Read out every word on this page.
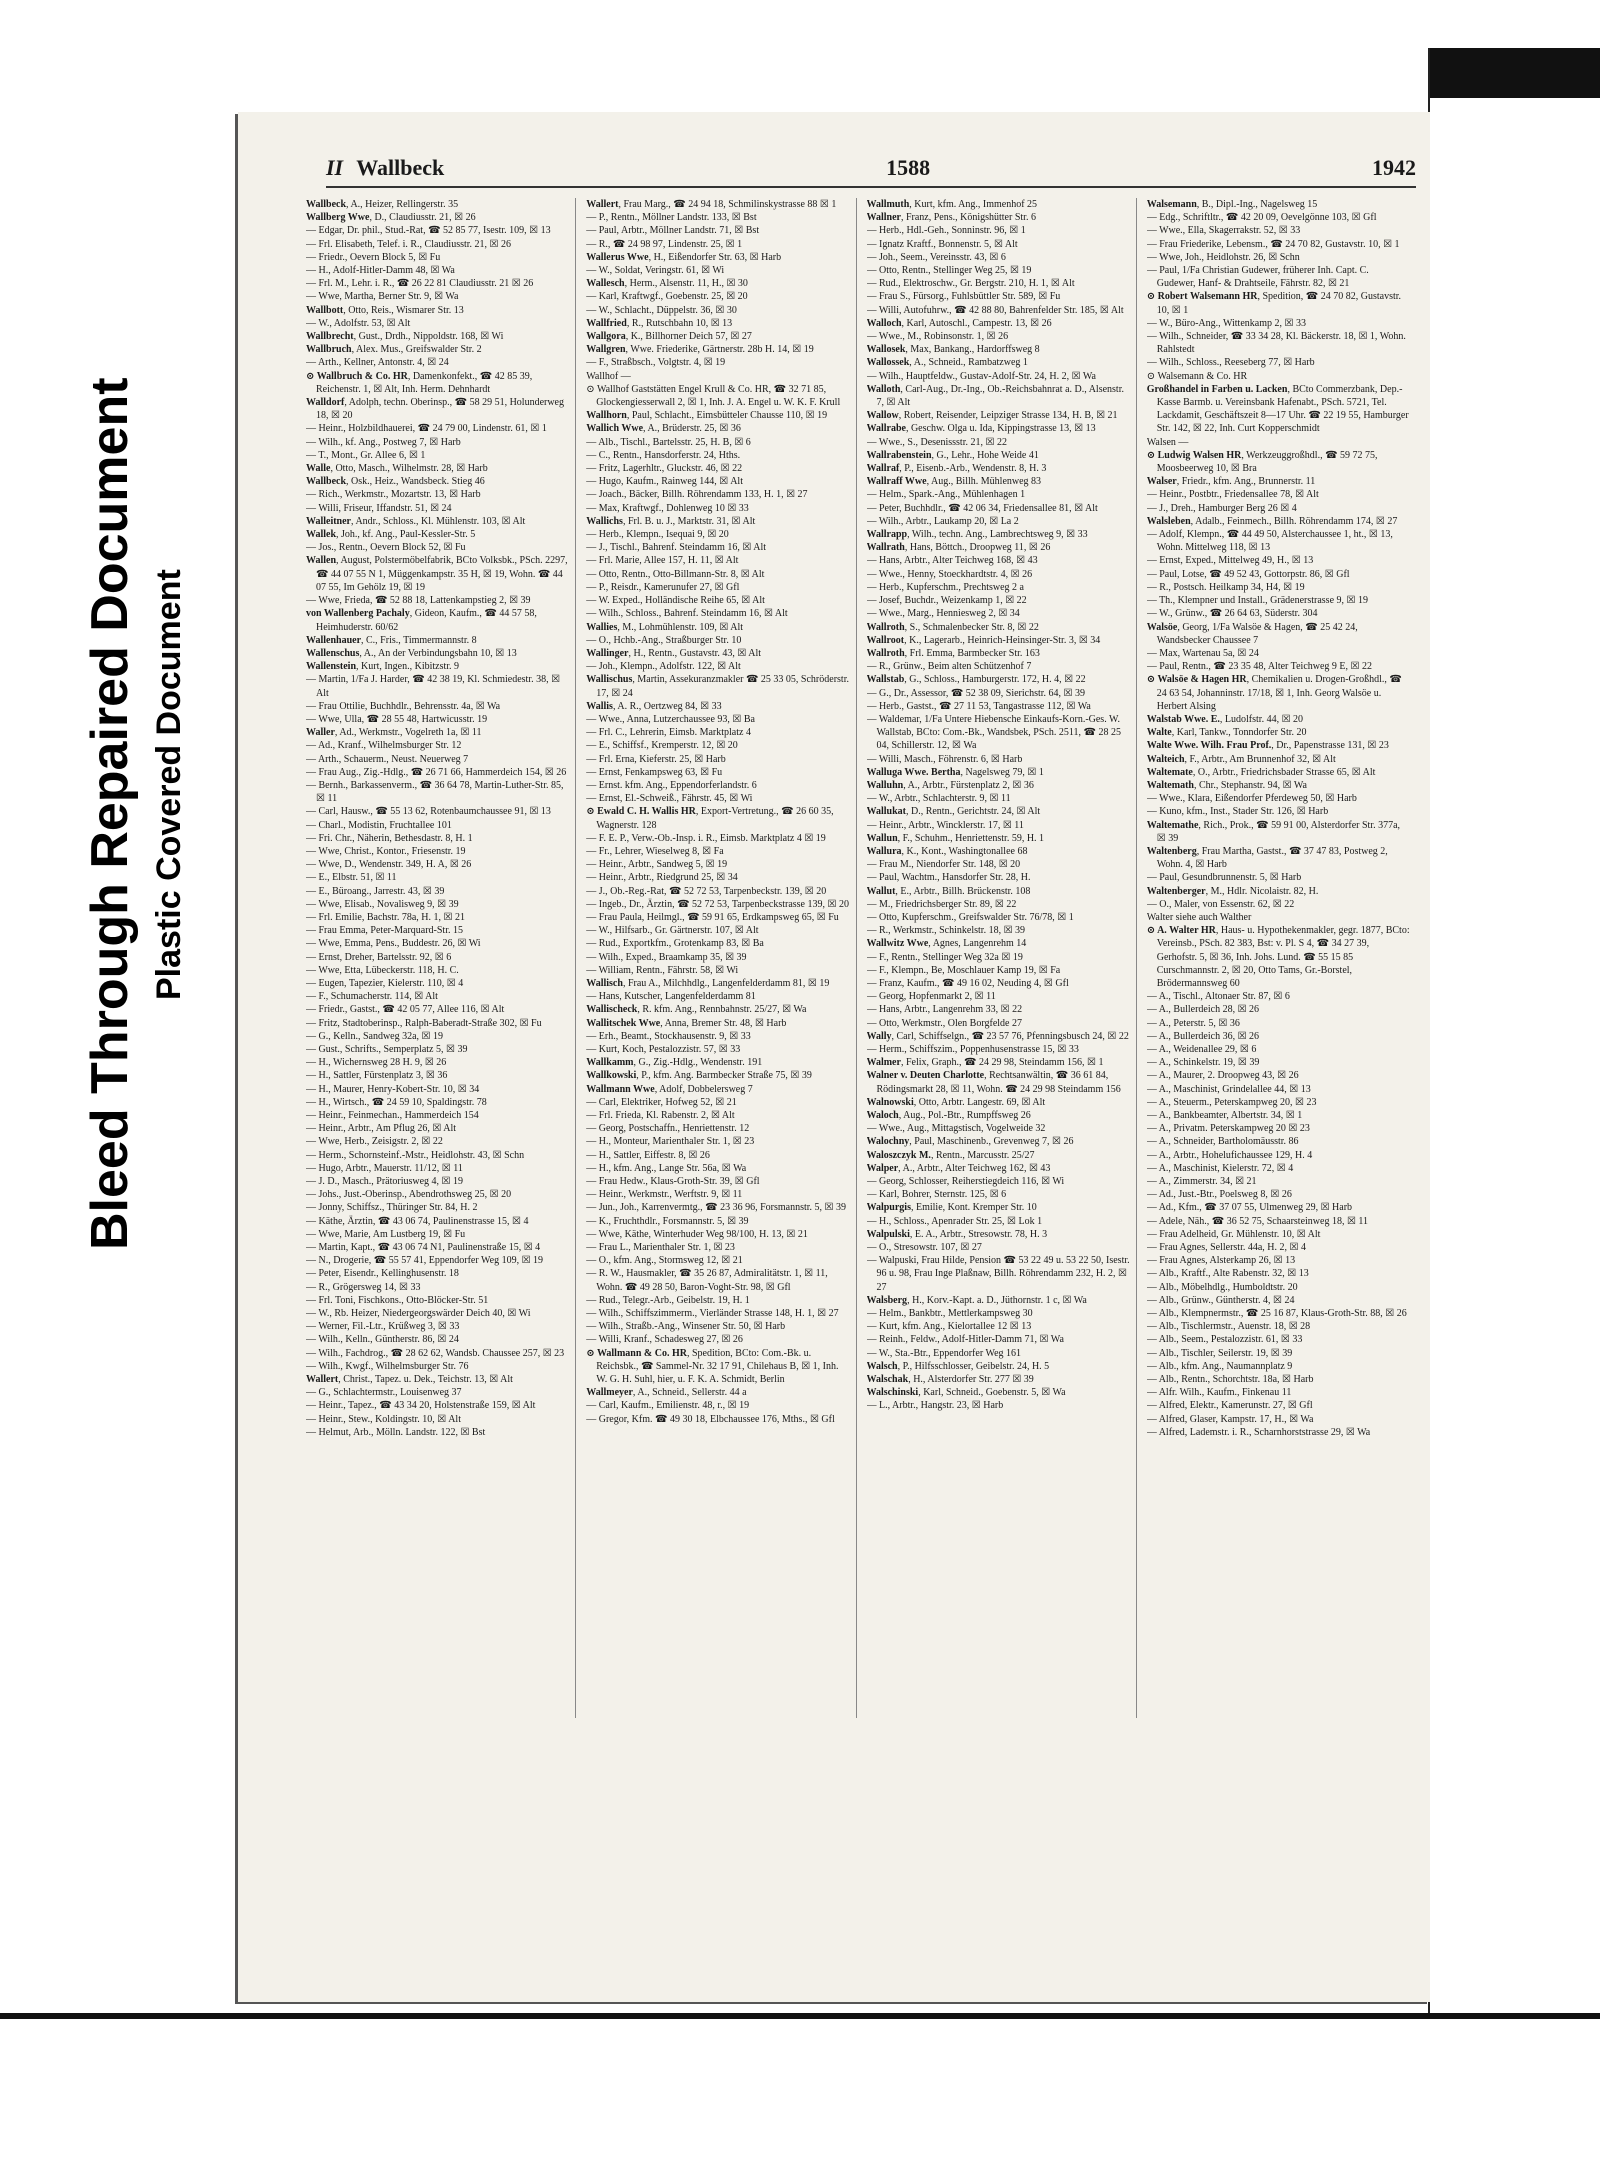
Bleed Through Repaired Document Plastic Covered Document
II Wallbeck	1588	1942

Wallbeck, A., Heizer, Rellingerstr. 35

Wallberg Wwe, D., Claudiusstr. 21, ☒ 26

— Edgar, Dr. phil., Stud.-Rat, ☎ 52 85 77, Isestr. 109, ☒ 13

— Frl. Elisabeth, Telef. i. R., Claudiusstr. 21, ☒ 26

— Friedr., Oevern Block 5, ☒ Fu

— H., Adolf-Hitler-Damm 48, ☒ Wa

— Frl. M., Lehr. i. R., ☎ 26 22 81 Claudiusstr. 21 ☒ 26

— Wwe, Martha, Berner Str. 9, ☒ Wa

Wallbott, Otto, Reis., Wismarer Str. 13

— W., Adolfstr. 53, ☒ Alt

Wallbrecht, Gust., Drdh., Nippoldstr. 168, ☒ Wi

Wallbruch, Alex. Mus., Greifswalder Str. 2

— Arth., Kellner, Antonstr. 4, ☒ 24

⊙ Wallbruch & Co. HR, Damenkonfekt., ☎ 42 85 39, Reichenstr. 1, ☒ Alt, Inh. Herm. Dehnhardt

Walldorf, Adolph, techn. Oberinsp., ☎ 58 29 51, Holunderweg 18, ☒ 20

— Heinr., Holzbildhauerei, ☎ 24 79 00, Lindenstr. 61, ☒ 1

— Wilh., kf. Ang., Postweg 7, ☒ Harb

— T., Mont., Gr. Allee 6, ☒ 1

Walle, Otto, Masch., Wilhelmstr. 28, ☒ Harb

Wallbeck, Osk., Heiz., Wandsbeck. Stieg 46

— Rich., Werkmstr., Mozartstr. 13, ☒ Harb

— Willi, Friseur, Iffandstr. 51, ☒ 24

Walleitner, Andr., Schloss., Kl. Mühlenstr. 103, ☒ Alt

Wallek, Joh., kf. Ang., Paul-Kessler-Str. 5

— Jos., Rentn., Oevern Block 52, ☒ Fu

Wallen, August, Polstermöbelfabrik, BCto Volksbk., PSch. 2297, ☎ 44 07 55 N 1, Müggenkampstr. 35 H, ☒ 19, Wohn. ☎ 44 07 55, Im Gehölz 19, ☒ 19

— Wwe, Frieda, ☎ 52 88 18, Lattenkampstieg 2, ☒ 39

von Wallenberg Pachaly, Gideon, Kaufm., ☎ 44 57 58, Heimhuderstr. 60/62

Wallenhauer, C., Fris., Timmermannstr. 8

Wallenschus, A., An der Verbindungsbahn 10, ☒ 13

Wallenstein, Kurt, Ingen., Kibitzstr. 9

— Martin, 1/Fa J. Harder, ☎ 42 38 19, Kl. Schmiedestr. 38, ☒ Alt

— Frau Ottilie, Buchhdlr., Behrensstr. 4a, ☒ Wa

— Wwe, Ulla, ☎ 28 55 48, Hartwicusstr. 19

Waller, Ad., Werkmstr., Vogelreth 1a, ☒ 11

— Ad., Kranf., Wilhelmsburger Str. 12

— Arth., Schauerm., Neust. Neuerweg 7

— Frau Aug., Zig.-Hdlg., ☎ 26 71 66, Hammerdeich 154, ☒ 26

— Bernh., Barkassenverm., ☎ 36 64 78, Martin-Luther-Str. 85, ☒ 11

— Carl, Hausw., ☎ 55 13 62, Rotenbaumchaussee 91, ☒ 13

— Charl., Modistin, Fruchtallee 101

— Fri. Chr., Näherin, Bethesdastr. 8, H. 1

— Wwe, Christ., Kontor., Friesenstr. 19

— Wwe, D., Wendenstr. 349, H. A, ☒ 26

— E., Elbstr. 51, ☒ 11

— E., Büroang., Jarrestr. 43, ☒ 39

— Wwe, Elisab., Novalisweg 9, ☒ 39

— Frl. Emilie, Bachstr. 78a, H. 1, ☒ 21

— Frau Emma, Peter-Marquard-Str. 15

— Wwe, Emma, Pens., Buddestr. 26, ☒ Wi

— Ernst, Dreher, Bartelsstr. 92, ☒ 6

— Wwe, Etta, Lübeckerstr. 118, H. C.

— Eugen, Tapezier, Kielerstr. 110, ☒ 4

— F., Schumacherstr. 114, ☒ Alt

— Friedr., Gastst., ☎ 42 05 77, Allee 116, ☒ Alt

— Fritz, Stadtoberinsp., Ralph-Baberadt-Straße 302, ☒ Fu

— G., Kelln., Sandweg 32a, ☒ 19

— Gust., Schrifts., Semperplatz 5, ☒ 39

— H., Wichernsweg 28 H. 9, ☒ 26

— H., Sattler, Fürstenplatz 3, ☒ 36

— H., Maurer, Henry-Kobert-Str. 10, ☒ 34

— H., Wirtsch., ☎ 24 59 10, Spaldingstr. 78

— Heinr., Feinmechan., Hammerdeich 154

— Heinr., Arbtr., Am Pflug 26, ☒ Alt

— Wwe, Herb., Zeisigstr. 2, ☒ 22

— Herm., Schornsteinf.-Mstr., Heidlohstr. 43, ☒ Schn

— Hugo, Arbtr., Mauerstr. 11/12, ☒ 11

— J. D., Masch., Prätoriusweg 4, ☒ 19

— Johs., Just.-Oberinsp., Abendrothsweg 25, ☒ 20

— Jonny, Schiffsz., Thüringer Str. 84, H. 2

— Käthe, Ärztin, ☎ 43 06 74, Paulinenstrasse 15, ☒ 4

— Wwe, Marie, Am Lustberg 19, ☒ Fu

— Martin, Kapt., ☎ 43 06 74 N1, Paulinenstraße 15, ☒ 4

— N., Drogerie, ☎ 55 57 41, Eppendorfer Weg 109, ☒ 19

— Peter, Eisendr., Kellinghusenstr. 18

— R., Grögersweg 14, ☒ 33

— Frl. Toni, Fischkons., Otto-Blöcker-Str. 51

— W., Rb. Heizer, Niedergeorgswärder Deich 40, ☒ Wi

— Werner, Fil.-Ltr., Krüßweg 3, ☒ 33

— Wilh., Kelln., Güntherstr. 86, ☒ 24

— Wilh., Fachdrog., ☎ 28 62 62, Wandsb. Chaussee 257, ☒ 23

— Wilh., Kwgf., Wilhelmsburger Str. 76

Wallert, Christ., Tapez. u. Dek., Teichstr. 13, ☒ Alt

— G., Schlachtermstr., Louisenweg 37

— Heinr., Tapez., ☎ 43 34 20, Holstenstraße 159, ☒ Alt

— Heinr., Stew., Koldingstr. 10, ☒ Alt

— Helmut, Arb., Mölln. Landstr. 122, ☒ Bst

Wallert, Frau Marg., ☎ 24 94 18, Schmilinskystrasse 88 ☒ 1

— P., Rentn., Möllner Landstr. 133, ☒ Bst

— Paul, Arbtr., Möllner Landstr. 71, ☒ Bst

— R., ☎ 24 98 97, Lindenstr. 25, ☒ 1

Wallerus Wwe, H., Eißendorfer Str. 63, ☒ Harb

— W., Soldat, Veringstr. 61, ☒ Wi

Wallesch, Herm., Alsenstr. 11, H., ☒ 30

— Karl, Kraftwgf., Goebenstr. 25, ☒ 20

— W., Schlacht., Düppelstr. 36, ☒ 30

Wallfried, R., Rutschbahn 10, ☒ 13

Wallgora, K., Billhorner Deich 57, ☒ 27

Wallgren, Wwe. Friederike, Gärtnerstr. 28b H. 14, ☒ 19

— F., Straßbsch., Volgtstr. 4, ☒ 19

Wallhof —

⊙ Wallhof Gaststätten Engel Krull & Co. HR, ☎ 32 71 85, Glockengiesserwall 2, ☒ 1, Inh. J. A. Engel u. W. K. F. Krull

Wallhorn, Paul, Schlacht., Eimsbütteler Chausse 110, ☒ 19

Wallich Wwe, A., Brüderstr. 25, ☒ 36

— Alb., Tischl., Bartelsstr. 25, H. B, ☒ 6

— C., Rentn., Hansdorferstr. 24, Hths.

— Fritz, Lagerhltr., Gluckstr. 46, ☒ 22

— Hugo, Kaufm., Rainweg 144, ☒ Alt

— Joach., Bäcker, Billh. Röhrendamm 133, H. 1, ☒ 27

— Max, Kraftwgf., Dohlenweg 10 ☒ 33

Wallichs, Frl. B. u. J., Marktstr. 31, ☒ Alt

— Herb., Klempn., Isequai 9, ☒ 20

— J., Tischl., Bahrenf. Steindamm 16, ☒ Alt

— Frl. Marie, Allee 157, H. 11, ☒ Alt

— Otto, Rentn., Otto-Billmann-Str. 8, ☒ Alt

— P., Reisdr., Kamerunufer 27, ☒ Gfl

— W. Exped., Holländische Reihe 65, ☒ Alt

— Wilh., Schloss., Bahrenf. Steindamm 16, ☒ Alt

Wallies, M., Lohmühlenstr. 109, ☒ Alt

— O., Hchb.-Ang., Straßburger Str. 10

Wallinger, H., Rentn., Gustavstr. 43, ☒ Alt

— Joh., Klempn., Adolfstr. 122, ☒ Alt

Wallischus, Martin, Assekuranzmakler ☎ 25 33 05, Schröderstr. 17, ☒ 24

Wallis, A. R., Oertzweg 84, ☒ 33

— Wwe., Anna, Lutzerchaussee 93, ☒ Ba

— Frl. C., Lehrerin, Eimsb. Marktplatz 4

— E., Schiffsf., Kremperstr. 12, ☒ 20

— Frl. Erna, Kieferstr. 25, ☒ Harb

— Ernst, Fenkampsweg 63, ☒ Fu

— Ernst. kfm. Ang., Eppendorferlandstr. 6

— Ernst, El.-Schweiß., Fährstr. 45, ☒ Wi

⊙ Ewald C. H. Wallis HR, Export-Vertretung., ☎ 26 60 35, Wagnerstr. 128

— F. E. P., Verw.-Ob.-Insp. i. R., Eimsb. Marktplatz 4 ☒ 19

— Fr., Lehrer, Wieselweg 8, ☒ Fa

— Heinr., Arbtr., Sandweg 5, ☒ 19

— Heinr., Arbtr., Riedgrund 25, ☒ 34

— J., Ob.-Reg.-Rat, ☎ 52 72 53, Tarpenbeckstr. 139, ☒ 20

— Ingeb., Dr., Ärztin, ☎ 52 72 53, Tarpenbeckstrasse 139, ☒ 20

— Frau Paula, Heilmgl., ☎ 59 91 65, Erdkampsweg 65, ☒ Fu

— W., Hilfsarb., Gr. Gärtnerstr. 107, ☒ Alt

— Rud., Exportkfm., Grotenkamp 83, ☒ Ba

— Wilh., Exped., Braamkamp 35, ☒ 39

— William, Rentn., Fährstr. 58, ☒ Wi

Wallisch, Frau A., Milchhdlg., Langenfelderdamm 81, ☒ 19

— Hans, Kutscher, Langenfelderdamm 81

Wallischeck, R. kfm. Ang., Rennbahnstr. 25/27, ☒ Wa

Wallitschek Wwe, Anna, Bremer Str. 48, ☒ Harb

— Erh., Beamt., Stockhausenstr. 9, ☒ 33

— Kurt, Koch, Pestalozzistr. 57, ☒ 33

Wallkamm, G., Zig.-Hdlg., Wendenstr. 191

Wallkowski, P., kfm. Ang. Barmbecker Straße 75, ☒ 39

Wallmann Wwe, Adolf, Dobbelersweg 7

— Carl, Elektriker, Hofweg 52, ☒ 21

— Frl. Frieda, Kl. Rabenstr. 2, ☒ Alt

— Georg, Postschaffn., Henriettenstr. 12

— H., Monteur, Marienthaler Str. 1, ☒ 23

— H., Sattler, Eiffestr. 8, ☒ 26

— H., kfm. Ang., Lange Str. 56a, ☒ Wa

— Frau Hedw., Klaus-Groth-Str. 39, ☒ Gfl

— Heinr., Werkmstr., Werftstr. 9, ☒ 11

— Jun., Joh., Karrenvermtg., ☎ 23 36 96, Forsmannstr. 5, ☒ 39

— K., Fruchthdlr., Forsmannstr. 5, ☒ 39

— Wwe, Käthe, Winterhuder Weg 98/100, H. 13, ☒ 21

— Frau L., Marienthaler Str. 1, ☒ 23

— O., kfm. Ang., Stormsweg 12, ☒ 21

— R. W., Hausmakler, ☎ 35 26 87, Admiralitätstr. 1, ☒ 11, Wohn. ☎ 49 28 50, Baron-Voght-Str. 98, ☒ Gfl

— Rud., Telegr.-Arb., Geibelstr. 19, H. 1

— Wilh., Schiffszimmerm., Vierländer Strasse 148, H. 1, ☒ 27

— Wilh., Straßb.-Ang., Winsener Str. 50, ☒ Harb

— Willi, Kranf., Schadesweg 27, ☒ 26

⊙ Wallmann & Co. HR, Spedition, BCto: Com.-Bk. u. Reichsbk., ☎ Sammel-Nr. 32 17 91, Chilehaus B, ☒ 1, Inh. W. G. H. Suhl, hier, u. F. K. A. Schmidt, Berlin

Wallmeyer, A., Schneid., Sellerstr. 44 a

— Carl, Kaufm., Emilienstr. 48, r., ☒ 19

— Gregor, Kfm. ☎ 49 30 18, Elbchaussee 176, Mths., ☒ Gfl

Wallmuth, Kurt, kfm. Ang., Immenhof 25

Wallner, Franz, Pens., Königshütter Str. 6

— Herb., Hdl.-Geh., Sonninstr. 96, ☒ 1

— Ignatz Kraftf., Bonnenstr. 5, ☒ Alt

— Joh., Seem., Vereinsstr. 43, ☒ 6

— Otto, Rentn., Stellinger Weg 25, ☒ 19

— Rud., Elektroschw., Gr. Bergstr. 210, H. 1, ☒ Alt

— Frau S., Fürsorg., Fuhlsbüttler Str. 589, ☒ Fu

— Willi, Autofuhrw., ☎ 42 88 80, Bahrenfelder Str. 185, ☒ Alt

Walloch, Karl, Autoschl., Campestr. 13, ☒ 26

— Wwe., M., Robinsonstr. 1, ☒ 26

Wallosek, Max, Bankang., Hardorffsweg 8

Wallossek, A., Schneid., Rambatzweg 1

— Wilh., Hauptfeldw., Gustav-Adolf-Str. 24, H. 2, ☒ Wa

Walloth, Carl-Aug., Dr.-Ing., Ob.-Reichsbahnrat a. D., Alsenstr. 7, ☒ Alt

Wallow, Robert, Reisender, Leipziger Strasse 134, H. B, ☒ 21

Wallrabe, Geschw. Olga u. Ida, Kippingstrasse 13, ☒ 13

— Wwe., S., Desenissstr. 21, ☒ 22

Wallrabenstein, G., Lehr., Hohe Weide 41

Wallraf, P., Eisenb.-Arb., Wendenstr. 8, H. 3

Wallraff Wwe, Aug., Billh. Mühlenweg 83

— Helm., Spark.-Ang., Mühlenhagen 1

— Peter, Buchhdlr., ☎ 42 06 34, Friedensallee 81, ☒ Alt

— Wilh., Arbtr., Laukamp 20, ☒ La 2

Wallrapp, Wilh., techn. Ang., Lambrechtsweg 9, ☒ 33

Wallrath, Hans, Böttch., Droopweg 11, ☒ 26

— Hans, Arbtr., Alter Teichweg 168, ☒ 43

— Wwe., Henny, Stoeckhardtstr. 4, ☒ 26

— Herb., Kupferschm., Prechtsweg 2 a

— Josef, Buchdr., Weizenkamp 1, ☒ 22

— Wwe., Marg., Henniesweg 2, ☒ 34

Wallroth, S., Schmalenbecker Str. 8, ☒ 22

Wallroot, K., Lagerarb., Heinrich-Heinsinger-Str. 3, ☒ 34

Wallroth, Frl. Emma, Barmbecker Str. 163

— R., Grünw., Beim alten Schützenhof 7

Wallstab, G., Schloss., Hamburgerstr. 172, H. 4, ☒ 22

— G., Dr., Assessor, ☎ 52 38 09, Sierichstr. 64, ☒ 39

— Herb., Gastst., ☎ 27 11 53, Tangastrasse 112, ☒ Wa

— Waldemar, 1/Fa Untere Hiebensche Einkaufs-Korn.-Ges. W. Wallstab, BCto: Com.-Bk., Wandsbek, PSch. 2511, ☎ 28 25 04, Schillerstr. 12, ☒ Wa

— Willi, Masch., Föhrenstr. 6, ☒ Harb

Walluga Wwe. Bertha, Nagelsweg 79, ☒ 1

Walluhn, A., Arbtr., Fürstenplatz 2, ☒ 36

— W., Arbtr., Schlachterstr. 9, ☒ 11

Wallukat, D., Rentn., Gerichtstr. 24, ☒ Alt

— Heinr., Arbtr., Wincklerstr. 17, ☒ 11

Wallun, F., Schuhm., Henriettenstr. 59, H. 1

Wallura, K., Kont., Washingtonallee 68

— Frau M., Niendorfer Str. 148, ☒ 20

— Paul, Wachtm., Hansdorfer Str. 28, H.

Wallut, E., Arbtr., Billh. Brückenstr. 108

— M., Friedrichsberger Str. 89, ☒ 22

— Otto, Kupferschm., Greifswalder Str. 76/78, ☒ 1

— R., Werkmstr., Schinkelstr. 18, ☒ 39

Wallwitz Wwe, Agnes, Langenrehm 14

— F., Rentn., Stellinger Weg 32a ☒ 19

— F., Klempn., Be, Moschlauer Kamp 19, ☒ Fa

— Franz, Kaufm., ☎ 49 16 02, Neuding 4, ☒ Gfl

— Georg, Hopfenmarkt 2, ☒ 11

— Hans, Arbtr., Langenrehm 33, ☒ 22

— Otto, Werkmstr., Olen Borgfelde 27

Wally, Carl, Schiffselgn., ☎ 23 57 76, Pfenningsbusch 24, ☒ 22

— Herm., Schiffszim., Poppenhusenstrasse 15, ☒ 33

Walmer, Felix, Graph., ☎ 24 29 98, Steindamm 156, ☒ 1

Walner v. Deuten Charlotte, Rechtsanwältin, ☎ 36 61 84, Rödingsmarkt 28, ☒ 11, Wohn. ☎ 24 29 98 Steindamm 156

Walnowski, Otto, Arbtr. Langestr. 69, ☒ Alt

Waloch, Aug., Pol.-Btr., Rumpffsweg 26

— Wwe., Aug., Mittagstisch, Vogelweide 32

Walochny, Paul, Maschinenb., Grevenweg 7, ☒ 26

Waloszczyk M., Rentn., Marcusstr. 25/27

Walper, A., Arbtr., Alter Teichweg 162, ☒ 43

— Georg, Schlosser, Reiherstiegdeich 116, ☒ Wi

— Karl, Bohrer, Sternstr. 125, ☒ 6

Walpurgis, Emilie, Kont. Kremper Str. 10

— H., Schloss., Apenrader Str. 25, ☒ Lok 1

Walpulski, E. A., Arbtr., Stresowstr. 78, H. 3

— O., Stresowstr. 107, ☒ 27

— Walpuski, Frau Hilde, Pension ☎ 53 22 49 u. 53 22 50, Isestr. 96 u. 98, Frau Inge Plaßnaw, Billh. Röhrendamm 232, H. 2, ☒ 27

Walsberg, H., Korv.-Kapt. a. D., Jüthornstr. 1 c, ☒ Wa

— Helm., Bankbtr., Mettlerkampsweg 30

— Kurt, kfm. Ang., Kielortallee 12 ☒ 13

— Reinh., Feldw., Adolf-Hitler-Damm 71, ☒ Wa

— W., Sta.-Btr., Eppendorfer Weg 161

Walsch, P., Hilfsschlosser, Geibelstr. 24, H. 5

Walschak, H., Alsterdorfer Str. 277 ☒ 39

Walschinski, Karl, Schneid., Goebenstr. 5, ☒ Wa

— L., Arbtr., Hangstr. 23, ☒ Harb

Walsemann, B., Dipl.-Ing., Nagelsweg 15

— Edg., Schriftltr., ☎ 42 20 09, Oevelgönne 103, ☒ Gfl

— Wwe., Ella, Skagerrakstr. 52, ☒ 33

— Frau Friederike, Lebensm., ☎ 24 70 82, Gustavstr. 10, ☒ 1

— Wwe, Joh., Heidlohstr. 26, ☒ Schn

— Paul, 1/Fa Christian Gudewer, früherer Inh. Capt. C. Gudewer, Hanf- & Drahtseile, Fährstr. 82, ☒ 21

⊙ Robert Walsemann HR, Spedition, ☎ 24 70 82, Gustavstr. 10, ☒ 1

— W., Büro-Ang., Wittenkamp 2, ☒ 33

— Wilh., Schneider, ☎ 33 34 28, Kl. Bäckerstr. 18, ☒ 1, Wohn. Rahlstedt

— Wilh., Schloss., Reeseberg 77, ☒ Harb

⊙ Walsemann & Co. HR

Großhandel in Farben u. Lacken, BCto Commerzbank, Dep.-Kasse Barmb. u. Vereinsbank Hafenabt., PSch. 5721, Tel. Lackdamit, Geschäftszeit 8—17 Uhr. ☎ 22 19 55, Hamburger Str. 142, ☒ 22, Inh. Curt Kopperschmidt

Walsen —

⊙ Ludwig Walsen HR, Werkzeuggroßhdl., ☎ 59 72 75, Moosbeerweg 10, ☒ Bra

Walser, Friedr., kfm. Ang., Brunnerstr. 11

— Heinr., Postbtr., Friedensallee 78, ☒ Alt

— J., Dreh., Hamburger Berg 26 ☒ 4

Walsleben, Adalb., Feinmech., Billh. Röhrendamm 174, ☒ 27

— Adolf, Klempn., ☎ 44 49 50, Alsterchaussee 1, ht., ☒ 13, Wohn. Mittelweg 118, ☒ 13

— Ernst, Exped., Mittelweg 49, H., ☒ 13

— Paul, Lotse, ☎ 49 52 43, Gottorpstr. 86, ☒ Gfl

— R., Postsch. Heilkamp 34, H4, ☒ 19

— Th., Klempner und Install., Grädenerstrasse 9, ☒ 19

— W., Grünw., ☎ 26 64 63, Süderstr. 304

Walsöe, Georg, 1/Fa Walsöe & Hagen, ☎ 25 42 24, Wandsbecker Chaussee 7

— Max, Wartenau 5a, ☒ 24

— Paul, Rentn., ☎ 23 35 48, Alter Teichweg 9 E, ☒ 22

⊙ Walsöe & Hagen HR, Chemikalien u. Drogen-Großhdl., ☎ 24 63 54, Johanninstr. 17/18, ☒ 1, Inh. Georg Walsöe u. Herbert Alsing

Walstab Wwe. E., Ludolfstr. 44, ☒ 20

Walte, Karl, Tankw., Tonndorfer Str. 20

Walte Wwe. Wilh. Frau Prof., Dr., Papenstrasse 131, ☒ 23

Walteich, F., Arbtr., Am Brunnenhof 32, ☒ Alt

Waltemate, O., Arbtr., Friedrichsbader Strasse 65, ☒ Alt

Waltemath, Chr., Stephanstr. 94, ☒ Wa

— Wwe., Klara, Eißendorfer Pferdeweg 50, ☒ Harb

— Kuno, kfm., Inst., Stader Str. 126, ☒ Harb

Waltemathe, Rich., Prok., ☎ 59 91 00, Alsterdorfer Str. 377a, ☒ 39

Waltenberg, Frau Martha, Gastst., ☎ 37 47 83, Postweg 2, Wohn. 4, ☒ Harb

— Paul, Gesundbrunnenstr. 5, ☒ Harb

Waltenberger, M., Hdlr. Nicolaistr. 82, H.

— O., Maler, von Essenstr. 62, ☒ 22

Walter siehe auch Walther

⊙ A. Walter HR, Haus- u. Hypothekenmakler, gegr. 1877, BCto: Vereinsb., PSch. 82 383, Bst: v. Pl. S 4, ☎ 34 27 39, Gerhofstr. 5, ☒ 36, Inh. Johs. Lund. ☎ 55 15 85 Curschmannstr. 2, ☒ 20, Otto Tams, Gr.-Borstel, Brödermannsweg 60

— A., Tischl., Altonaer Str. 87, ☒ 6

— A., Bullerdeich 28, ☒ 26

— A., Peterstr. 5, ☒ 36

— A., Bullerdeich 36, ☒ 26

— A., Weidenallee 29, ☒ 6

— A., Schinkelstr. 19, ☒ 39

— A., Maurer, 2. Droopweg 43, ☒ 26

— A., Maschinist, Grindelallee 44, ☒ 13

— A., Steuerm., Peterskampweg 20, ☒ 23

— A., Bankbeamter, Albertstr. 34, ☒ 1

— A., Privatm. Peterskampweg 20 ☒ 23

— A., Schneider, Bartholomäusstr. 86

— A., Arbtr., Hohelufichaussee 129, H. 4

— A., Maschinist, Kielerstr. 72, ☒ 4

— A., Zimmerstr. 34, ☒ 21

— Ad., Just.-Btr., Poelsweg 8, ☒ 26

— Ad., Kfm., ☎ 37 07 55, Ulmenweg 29, ☒ Harb

— Adele, Näh., ☎ 36 52 75, Schaarsteinweg 18, ☒ 11

— Frau Adelheid, Gr. Mühlenstr. 10, ☒ Alt

— Frau Agnes, Sellerstr. 44a, H. 2, ☒ 4

— Frau Agnes, Alsterkamp 26, ☒ 13

— Alb., Kraftf., Alte Rabenstr. 32, ☒ 13

— Alb., Möbelhdlg., Humboldtstr. 20

— Alb., Grünw., Güntherstr. 4, ☒ 24

— Alb., Klempnermstr., ☎ 25 16 87, Klaus-Groth-Str. 88, ☒ 26

— Alb., Tischlermstr., Auenstr. 18, ☒ 28

— Alb., Seem., Pestalozzistr. 61, ☒ 33

— Alb., Tischler, Seilerstr. 19, ☒ 39

— Alb., kfm. Ang., Naumannplatz 9

— Alb., Rentn., Schorchtstr. 18a, ☒ Harb

— Alfr. Wilh., Kaufm., Finkenau 11

— Alfred, Elektr., Kamerunstr. 27, ☒ Gfl

— Alfred, Glaser, Kampstr. 17, H., ☒ Wa

— Alfred, Lademstr. i. R., Scharnhorststrasse 29, ☒ Wa
